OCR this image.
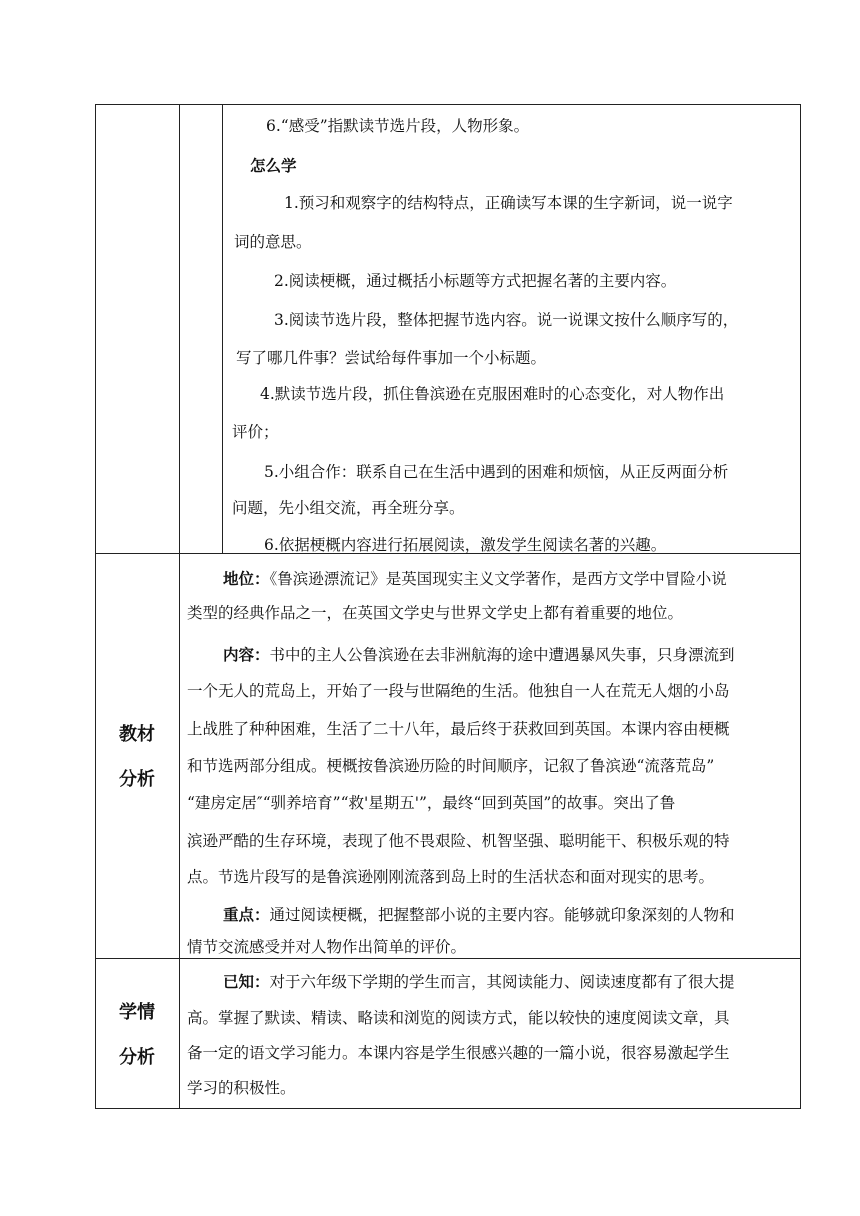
6.“感受”指默读节选片段，人物形象。
怎么学
1.预习和观察字的结构特点，正确读写本课的生字新词，说一说字
词的意思。
2.阅读梗概，通过概括小标题等方式把握名著的主要内容。
3.阅读节选片段，整体把握节选内容。说一说课文按什么顺序写的，
写了哪几件事？尝试给每件事加一个小标题。
4.默读节选片段，抓住鲁滨逊在克服困难时的心态变化，对人物作出
评价；
5.小组合作：联系自己在生活中遇到的困难和烦恼，从正反两面分析
问题，先小组交流，再全班分享。
6.依据梗概内容进行拓展阅读，激发学生阅读名著的兴趣。
教材
分析
地位：《鲁滨逊漂流记》是英国现实主义文学著作，是西方文学中冒险小说
类型的经典作品之一，在英国文学史与世界文学史上都有着重要的地位。
内容：书中的主人公鲁滨逊在去非洲航海的途中遭遇暴风失事，只身漂流到
一个无人的荒岛上，开始了一段与世隔绝的生活。他独自一人在荒无人烟的小岛
上战胜了种种困难，生活了二十八年，最后终于获救回到英国。本课内容由梗概
和节选两部分组成。梗概按鲁滨逊历险的时间顺序，记叙了鲁滨逊“流落荒岛”
“建房定居″“驯养培育”“救'星期五'”，最终“回到英国”的故事。突出了鲁
滨逊严酷的生存环境，表现了他不畏艰险、机智坚强、聪明能干、积极乐观的特
点。节选片段写的是鲁滨逊刚刚流落到岛上时的生活状态和面对现实的思考。
重点：通过阅读梗概，把握整部小说的主要内容。能够就印象深刻的人物和
情节交流感受并对人物作出简单的评价。
学情
分析
已知：对于六年级下学期的学生而言，其阅读能力、阅读速度都有了很大提
高。掌握了默读、精读、略读和浏览的阅读方式，能以较快的速度阅读文章，具
备一定的语文学习能力。本课内容是学生很感兴趣的一篇小说，很容易激起学生
学习的积极性。
